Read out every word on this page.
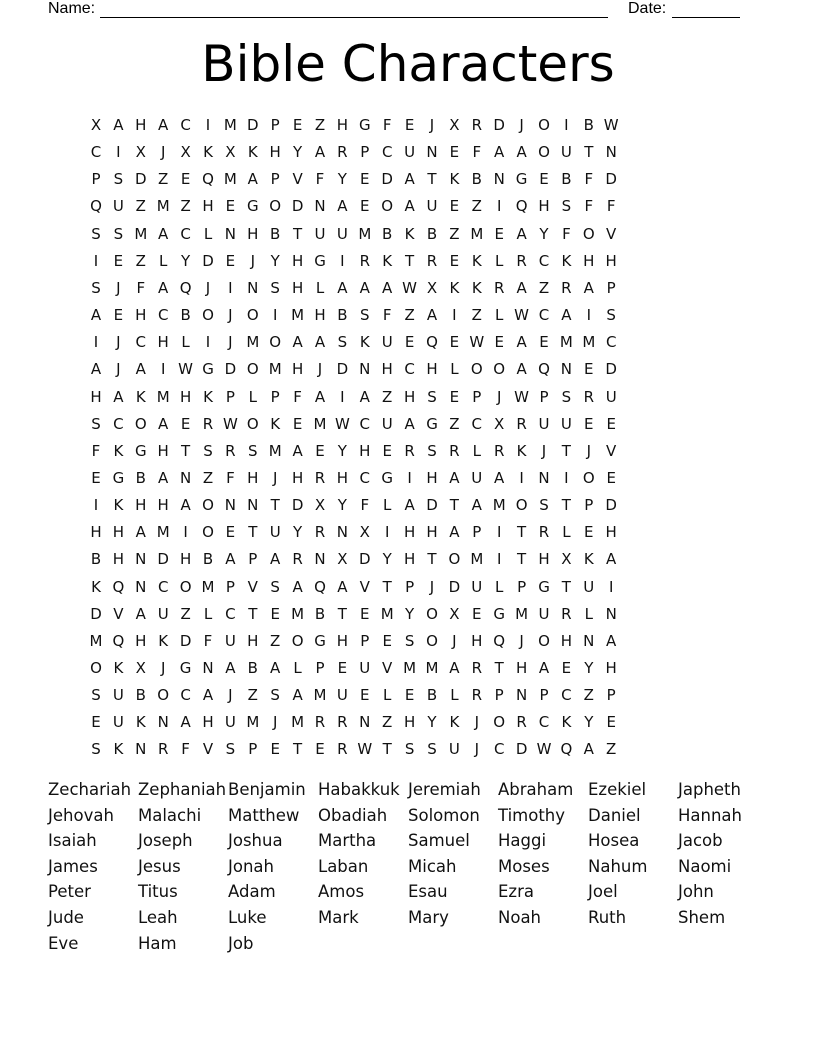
Name:	Date:
Bible Characters
X A H A C I M D P E Z H G F E	J	X R D J O I	B W
C I	X	J	X K X K H Y A R P C U N E F A A O U T N
P S D Z E Q M A P V F Y E D A T K B N G E B F D
Q U Z M Z H E G O D N A E O A U E Z	I Q H S F F
S S M A C L N H B T U U M B K B Z M E A Y F O V
I	E Z L Y D E	J	Y H G I R K T R E K L R C K H H
S	J	F A Q J	I N S H L A A A W X K K R A Z R A P
A E H C B O J O I M H B S F Z A	I	Z L W C A	I	S
I	J C H L	I	J M O A A S K U E Q E W E A E M M C
A	J	A	I W G D O M H J D N H C H L O O A Q N E D
H A K M H K P L P F A	I	A Z H S E P	J W P S R U
S C O A E R W O K E M W C U A G Z C X R U U E E
F K G H T S R S M A E Y H E R S R L R K	J	T	J	V
E G B A N Z F H J H R H C G I H A U A	I N I O E
I	K H H A O N N T D X Y F L A D T A M O S T P D
H H A M I O E T U Y R N X	I H H A P	I	T R L E H
B H N D H B A P A R N X D Y H T O M I	T H X K A
K Q N C O M P V S A Q A V T P	J D U L P G T U I
D V A U Z L C T E M B T E M Y O X E G M U R L N
M Q H K D F U H Z O G H P E S O J H Q J O H N A
O K X	J G N A B A L P E U V M M A R T H A E Y H
S U B O C A	J	Z S A M U E L E B L R P N P C Z P
E U K N A H U M J M R R N Z H Y K	J O R C K Y E
S K N R F V S P E T E R W T S S U J C D W Q A Z
Zechariah Zephaniah Benjamin Habakkuk Jeremiah Abraham Ezekiel Japheth
Jehovah Malachi Matthew Obadiah Solomon Timothy Daniel Hannah
Isaiah	Joseph Joshua Martha Samuel Haggi	Hosea Jacob
James Jesus	Jonah	Laban Micah	Moses Nahum Naomi
Peter	Titus	Adam	Amos	Esau	Ezra	Joel	John
Jude	Leah	Luke	Mark	Mary	Noah	Ruth	Shem
Eve	Ham	Job
